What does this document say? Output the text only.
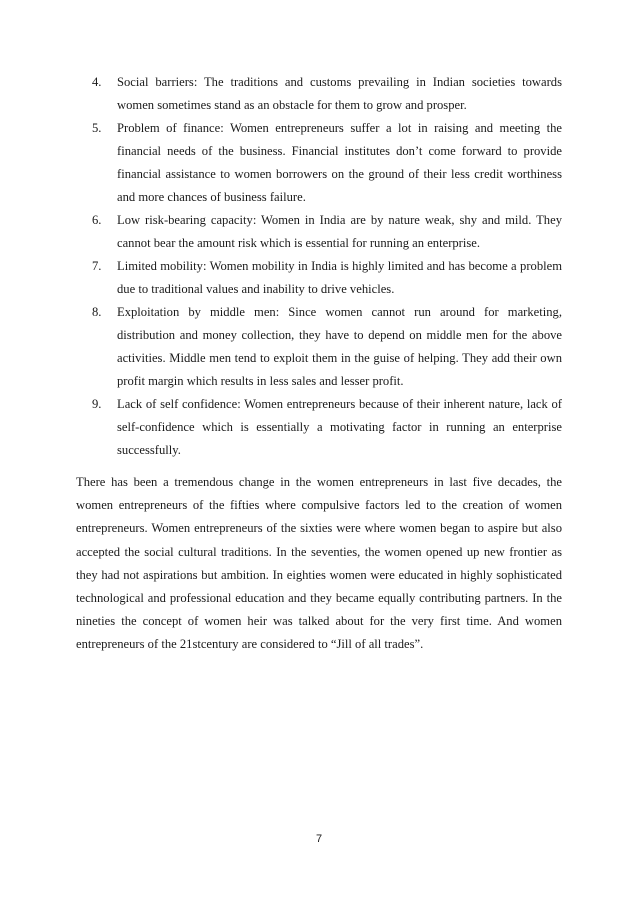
4. Social barriers: The traditions and customs prevailing in Indian societies towards women sometimes stand as an obstacle for them to grow and prosper.
5. Problem of finance: Women entrepreneurs suffer a lot in raising and meeting the financial needs of the business. Financial institutes don’t come forward to provide financial assistance to women borrowers on the ground of their less credit worthiness and more chances of business failure.
6. Low risk-bearing capacity: Women in India are by nature weak, shy and mild. They cannot bear the amount risk which is essential for running an enterprise.
7. Limited mobility: Women mobility in India is highly limited and has become a problem due to traditional values and inability to drive vehicles.
8. Exploitation by middle men: Since women cannot run around for marketing, distribution and money collection, they have to depend on middle men for the above activities. Middle men tend to exploit them in the guise of helping. They add their own profit margin which results in less sales and lesser profit.
9. Lack of self confidence: Women entrepreneurs because of their inherent nature, lack of self-confidence which is essentially a motivating factor in running an enterprise successfully.

There has been a tremendous change in the women entrepreneurs in last five decades, the women entrepreneurs of the fifties where compulsive factors led to the creation of women entrepreneurs. Women entrepreneurs of the sixties were where women began to aspire but also accepted the social cultural traditions. In the seventies, the women opened up new frontier as they had not aspirations but ambition. In eighties women were educated in highly sophisticated technological and professional education and they became equally contributing partners. In the nineties the concept of women heir was talked about for the very first time. And women entrepreneurs of the 21stcentury are considered to “Jill of all trades”.

7
